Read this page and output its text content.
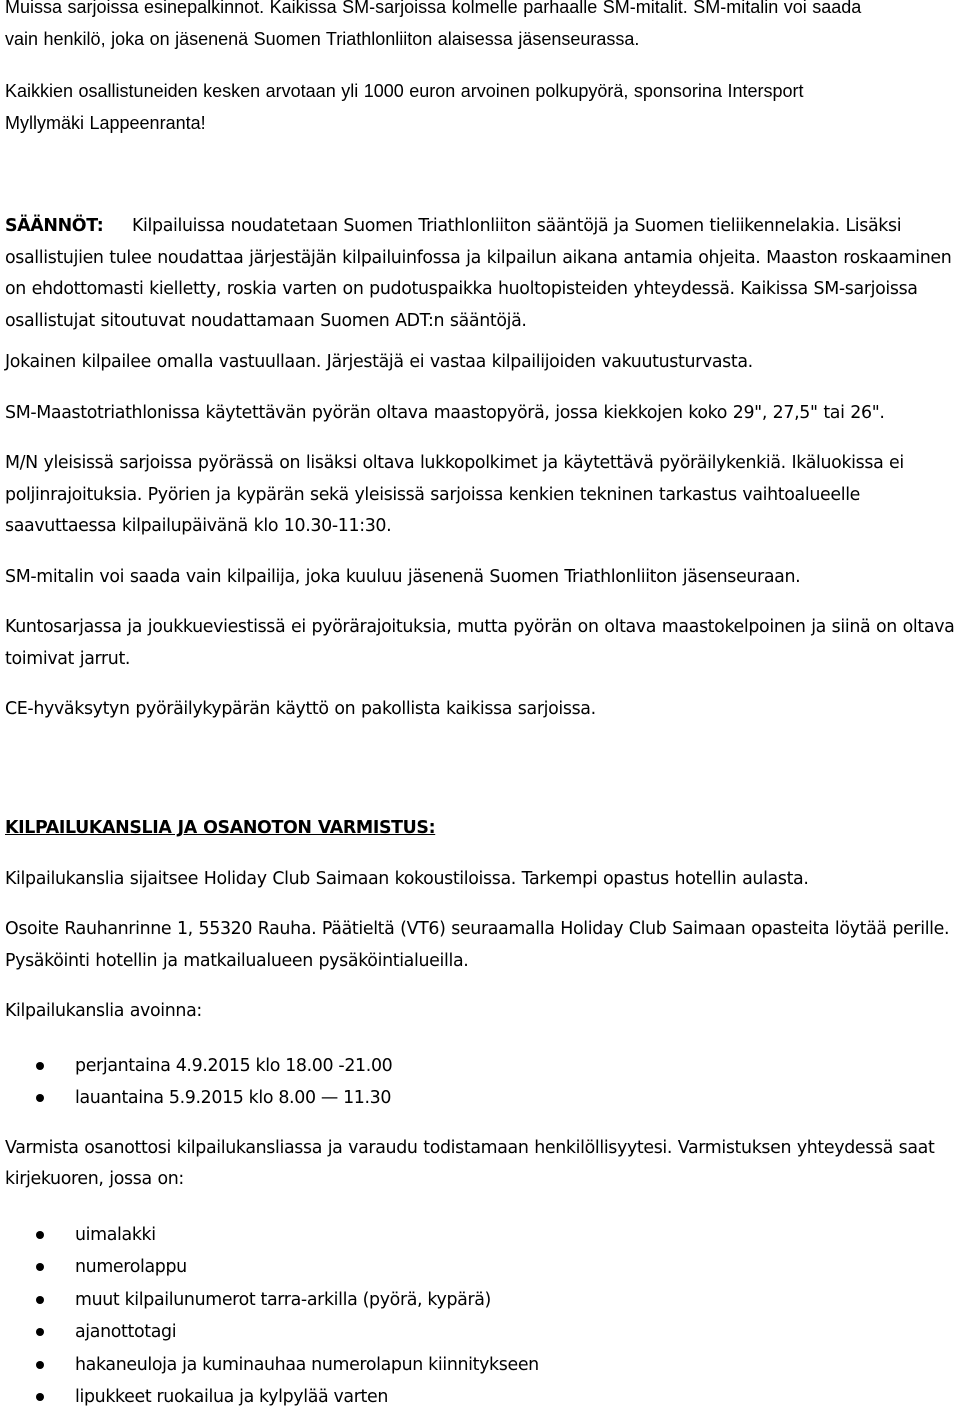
Muissa sarjoissa esinepalkinnot. Kaikissa SM-sarjoissa kolmelle parhaalle SM-mitalit. SM-mitalin voi saada

vain henkilö, joka on jäsenenä Suomen Triathlonliiton alaisessa jäsenseurassa.

Kaikkien osallistuneiden kesken arvotaan yli 1000 euron arvoinen polkupyörä, sponsorina Intersport

Myllymäki Lappeenranta!

SÄÄNNÖT: Kilpailuissa noudatetaan Suomen Triathlonliiton sääntöjä ja Suomen tieliikennelakia. Lisäksi osallistujien tulee noudattaa järjestäjän kilpailuinfossa ja kilpailun aikana antamia ohjeita. Maaston roskaaminen on ehdottomasti kielletty, roskia varten on pudotuspaikka huoltopisteiden yhteydessä. Kaikissa SM-sarjoissa osallistujat sitoutuvat noudattamaan Suomen ADT:n sääntöjä.

Jokainen kilpailee omalla vastuullaan. Järjestäjä ei vastaa kilpailijoiden vakuutusturvasta.

SM-Maastotriathlonissa käytettävän pyörän oltava maastopyörä, jossa kiekkojen koko 29", 27,5" tai 26".

M/N yleisissä sarjoissa pyörässä on lisäksi oltava lukkopolkimet ja käytettävä pyöräilykenkiä. Ikäluokissa ei poljinrajoituksia. Pyörien ja kypärän sekä yleisissä sarjoissa kenkien tekninen tarkastus vaihtoalueelle saavuttaessa kilpailupäivänä klo 10.30-11:30.

SM-mitalin voi saada vain kilpailija, joka kuuluu jäsenenä Suomen Triathlonliiton jäsenseuraan.

Kuntosarjassa ja joukkueviestissä ei pyörärajoituksia, mutta pyörän on oltava maastokelpoinen ja siinä on oltava toimivat jarrut.

CE-hyväksytyn pyöräilykypärän käyttö on pakollista kaikissa sarjoissa.

KILPAILUKANSLIA JA OSANOTON VARMISTUS:

Kilpailukanslia sijaitsee Holiday Club Saimaan kokoustiloissa. Tarkempi opastus hotellin aulasta.

Osoite Rauhanrinne 1, 55320 Rauha. Päätieltä (VT6) seuraamalla Holiday Club Saimaan opasteita löytää perille. Pysäköinti hotellin ja matkailualueen pysäköintialueilla.

Kilpailukanslia avoinna:

perjantaina 4.9.2015 klo 18.00 -21.00
lauantaina 5.9.2015 klo 8.00 — 11.30

Varmista osanottosi kilpailukansliassa ja varaudu todistamaan henkilöllisyytesi. Varmistuksen yhteydessä saat kirjekuoren, jossa on:

uimalakki
numerolappu
muut kilpailunumerot tarra-arkilla (pyörä, kypärä)
ajanottotagi
hakaneuloja ja kuminauhaa numerolapun kiinnitykseen
lipukkeet ruokailua ja kylpylää varten
